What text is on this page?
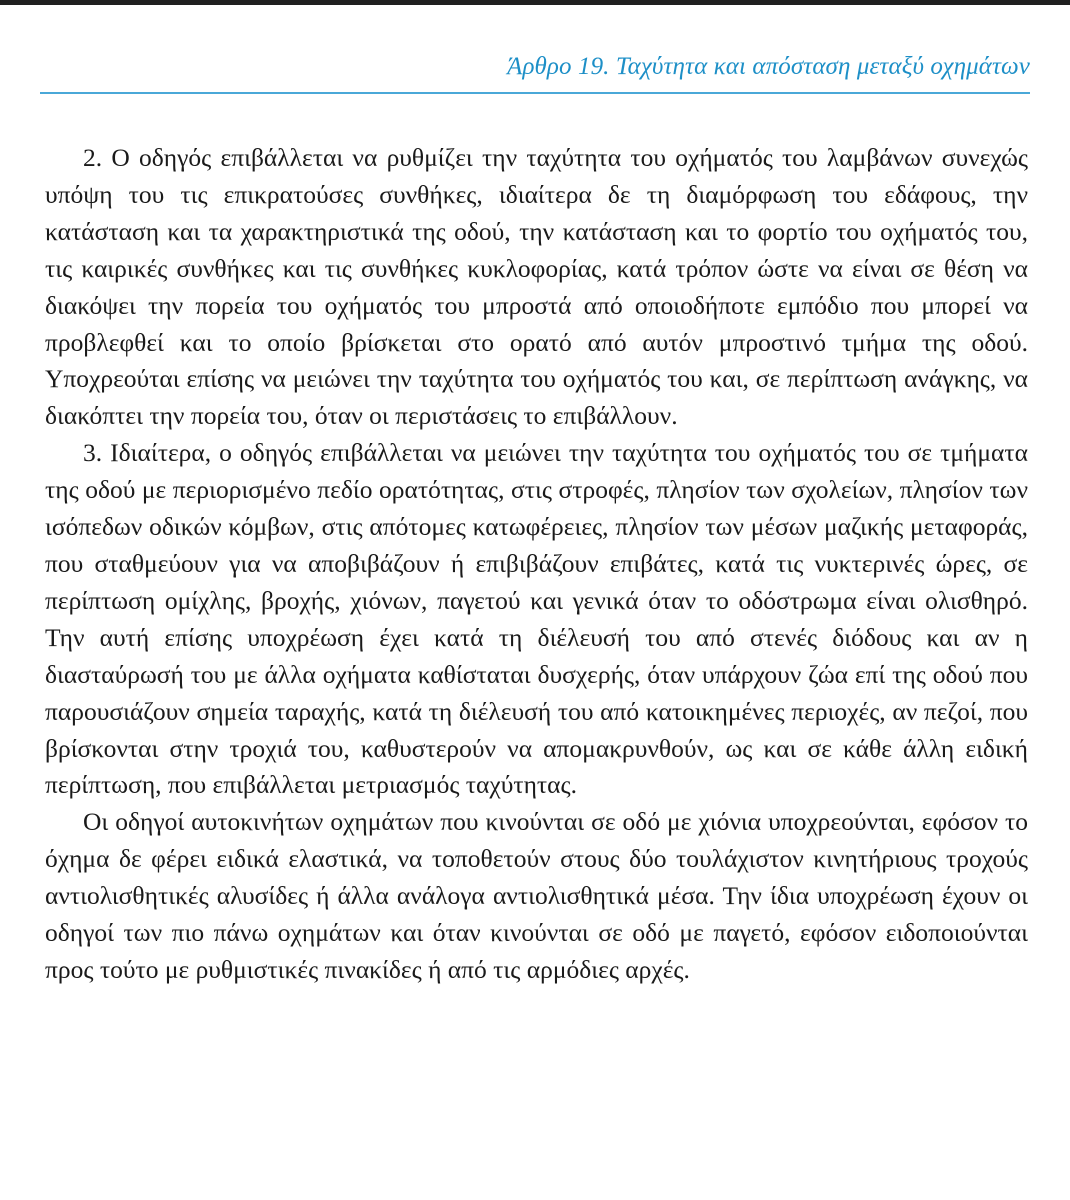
Άρθρο 19. Ταχύτητα και απόσταση μεταξύ οχημάτων

2. Ο οδηγός επιβάλλεται να ρυθμίζει την ταχύτητα του οχήματός του λαμβάνων συνεχώς υπόψη του τις επικρατούσες συνθήκες, ιδιαίτερα δε τη διαμόρφωση του εδάφους, την κατάσταση και τα χαρακτηριστικά της οδού, την κατάσταση και το φορτίο του οχήματός του, τις καιρικές συνθήκες και τις συνθήκες κυκλοφορίας, κατά τρόπον ώστε να είναι σε θέση να διακόψει την πορεία του οχήματός του μπροστά από οποιοδήποτε εμπόδιο που μπορεί να προβλεφθεί και το οποίο βρίσκεται στο ορατό από αυτόν μπροστινό τμήμα της οδού. Υποχρεούται επίσης να μειώνει την ταχύτητα του οχήματός του και, σε περίπτωση ανάγκης, να διακόπτει την πορεία του, όταν οι περιστάσεις το επιβάλλουν.

3. Ιδιαίτερα, ο οδηγός επιβάλλεται να μειώνει την ταχύτητα του οχήματός του σε τμήματα της οδού με περιορισμένο πεδίο ορατότητας, στις στροφές, πλησίον των σχολείων, πλησίον των ισόπεδων οδικών κόμβων, στις απότομες κατωφέρειες, πλησίον των μέσων μαζικής μεταφοράς, που σταθμεύουν για να αποβιβάζουν ή επιβιβάζουν επιβάτες, κατά τις νυκτερινές ώρες, σε περίπτωση ομίχλης, βροχής, χιόνων, παγετού και γενικά όταν το οδόστρωμα είναι ολισθηρό. Την αυτή επίσης υποχρέωση έχει κατά τη διέλευσή του από στενές διόδους και αν η διασταύρωσή του με άλλα οχήματα καθίσταται δυσχερής, όταν υπάρχουν ζώα επί της οδού που παρουσιάζουν σημεία ταραχής, κατά τη διέλευσή του από κατοικημένες περιοχές, αν πεζοί, που βρίσκονται στην τροχιά του, καθυστερούν να απομακρυνθούν, ως και σε κάθε άλλη ειδική περίπτωση, που επιβάλλεται μετριασμός ταχύτητας.

Οι οδηγοί αυτοκινήτων οχημάτων που κινούνται σε οδό με χιόνια υποχρεούνται, εφόσον το όχημα δε φέρει ειδικά ελαστικά, να τοποθετούν στους δύο τουλάχιστον κινητήριους τροχούς αντιολισθητικές αλυσίδες ή άλλα ανάλογα αντιολισθητικά μέσα. Την ίδια υποχρέωση έχουν οι οδηγοί των πιο πάνω οχημάτων και όταν κινούνται σε οδό με παγετό, εφόσον ειδοποιούνται προς τούτο με ρυθμιστικές πινακίδες ή από τις αρμόδιες αρχές.
